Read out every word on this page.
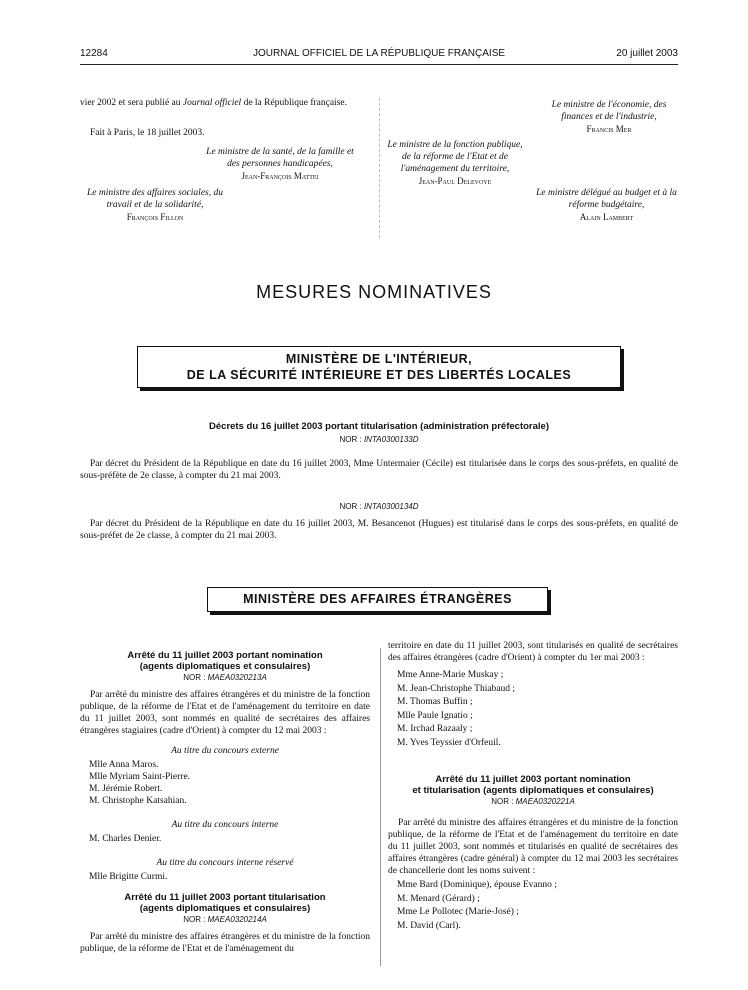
12284	JOURNAL OFFICIEL DE LA RÉPUBLIQUE FRANÇAISE	20 juillet 2003
vier 2002 et sera publié au Journal officiel de la République française.
Fait à Paris, le 18 juillet 2003.
Le ministre de la santé, de la famille et des personnes handicapées,
Jean-François Mattei
Le ministre des affaires sociales, du travail et de la solidarité,
François Fillon
Le ministre de l'économie, des finances et de l'industrie,
Francis Mer
Le ministre de la fonction publique, de la réforme de l'Etat et de l'aménagement du territoire,
Jean-Paul Delevoye
Le ministre délégué au budget et à la réforme budgétaire,
Alain Lambert
MESURES NOMINATIVES
MINISTÈRE DE L'INTÉRIEUR,
DE LA SÉCURITÉ INTÉRIEURE ET DES LIBERTÉS LOCALES
Décrets du 16 juillet 2003 portant titularisation (administration préfectorale)
NOR : INTA0300133D
Par décret du Président de la République en date du 16 juillet 2003, Mme Untermaier (Cécile) est titularisée dans le corps des sous-préfets, en qualité de sous-préfète de 2e classe, à compter du 21 mai 2003.
NOR : INTA0300134D
Par décret du Président de la République en date du 16 juillet 2003, M. Besancenot (Hugues) est titularisé dans le corps des sous-préfets, en qualité de sous-préfet de 2e classe, à compter du 21 mai 2003.
MINISTÈRE DES AFFAIRES ÉTRANGÈRES
Arrêté du 11 juillet 2003 portant nomination
(agents diplomatiques et consulaires)
NOR : MAEA0320213A
Par arrêté du ministre des affaires étrangères et du ministre de la fonction publique, de la réforme de l'Etat et de l'aménagement du territoire en date du 11 juillet 2003, sont nommés en qualité de secrétaires des affaires étrangères stagiaires (cadre d'Orient) à compter du 12 mai 2003 :
Au titre du concours externe
Mlle Anna Maros.
Mlle Myriam Saint-Pierre.
M. Jérémie Robert.
M. Christophe Katsahian.
Au titre du concours interne
M. Charles Denier.
Au titre du concours interne réservé
Mlle Brigitte Curmi.
Arrêté du 11 juillet 2003 portant titularisation
(agents diplomatiques et consulaires)
NOR : MAEA0320214A
Par arrêté du ministre des affaires étrangères et du ministre de la fonction publique, de la réforme de l'Etat et de l'aménagement du
territoire en date du 11 juillet 2003, sont titularisés en qualité de secrétaires des affaires étrangères (cadre d'Orient) à compter du 1er mai 2003 :
Mme Anne-Marie Muskay ;
M. Jean-Christophe Thiabaud ;
M. Thomas Buffin ;
Mlle Paule Ignatio ;
M. Irchad Razaaly ;
M. Yves Teyssier d'Orfeuil.
Arrêté du 11 juillet 2003 portant nomination
et titularisation (agents diplomatiques et consulaires)
NOR : MAEA0320221A
Par arrêté du ministre des affaires étrangères et du ministre de la fonction publique, de la réforme de l'Etat et de l'aménagement du territoire en date du 11 juillet 2003, sont nommés et titularisés en qualité de secrétaires des affaires étrangères (cadre général) à compter du 12 mai 2003 les secrétaires de chancellerie dont les noms suivent :
Mme Bard (Dominique), épouse Evanno ;
M. Menard (Gérard) ;
Mme Le Pollotec (Marie-José) ;
M. David (Carl).
